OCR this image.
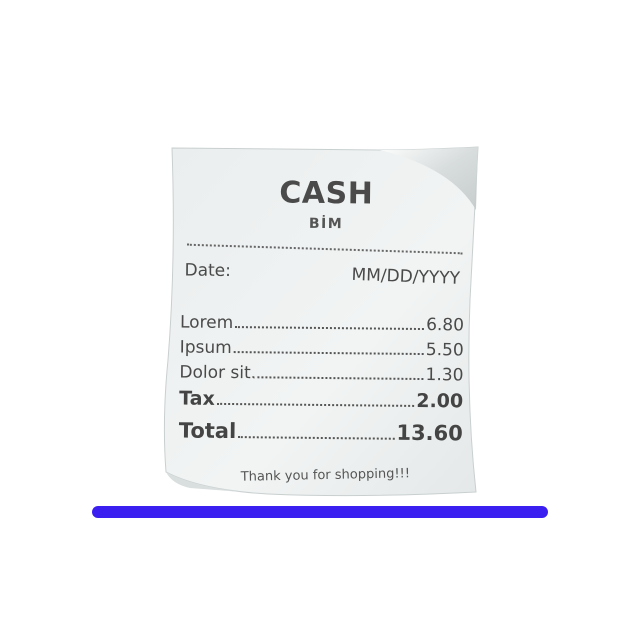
CASH
BİM
Date:	MM/DD/YYYY
Lorem	6.80
Ipsum	5.50
Dolor sit	1.30
Tax	2.00
Total	13.60
Thank you for shopping!!!
